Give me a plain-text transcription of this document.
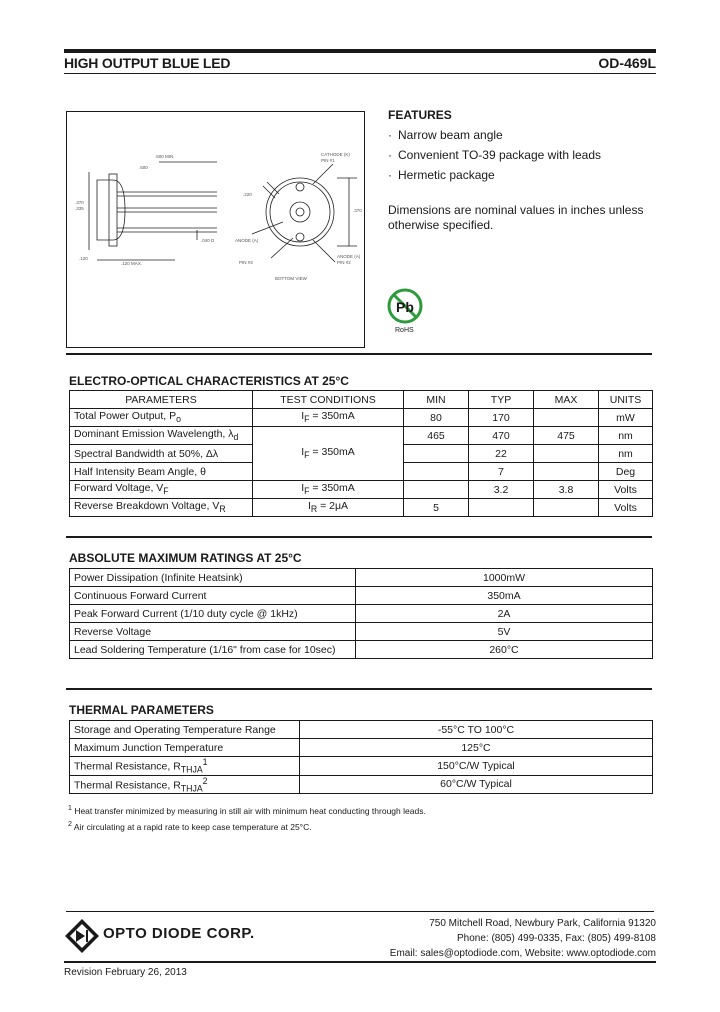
HIGH OUTPUT BLUE LED	OD-469L
.500 MIN.
.500
.370
.335
.120
.120 MAX.
.040 D
.220
CATHODE (K)
PIN #1
.370
ANODE (A)
PIN #3
ANODE (A)
PIN #2
BOTTOM VIEW
FEATURES
· Narrow beam angle
· Convenient TO-39 package with leads
· Hermetic package
Dimensions are nominal values in inches unless otherwise specified.
Pb
RoHS
ELECTRO-OPTICAL CHARACTERISTICS AT 25°C
PARAMETERS	TEST CONDITIONS	MIN	TYP	MAX	UNITS
Total Power Output, $P_o$	$I_F = 350mA$	80	170		mW
Dominant Emission Wavelength, $\lambda_d$	$I_F = 350mA$	465	470	475	nm
Spectral Bandwidth at 50%, Δλ			22		nm
Half Intensity Beam Angle, θ			7		Deg
Forward Voltage, $V_F$	$I_F = 350mA$		3.2	3.8	Volts
Reverse Breakdown Voltage, $V_R$	$I_R = 2\mu A$	5			Volts
ABSOLUTE MAXIMUM RATINGS AT 25°C
Power Dissipation (Infinite Heatsink)	1000mW
Continuous Forward Current	350mA
Peak Forward Current (1/10 duty cycle @ 1kHz)	2A
Reverse Voltage	5V
Lead Soldering Temperature (1/16" from case for 10sec)	260°C
THERMAL PARAMETERS
Storage and Operating Temperature Range	-55°C TO 100°C
Maximum Junction Temperature	125°C
Thermal Resistance, $R_{THJA}^1$	150°C/W Typical
Thermal Resistance, $R_{THJA}^2$	60°C/W Typical
$^1$ Heat transfer minimized by measuring in still air with minimum heat conducting through leads.
$^2$ Air circulating at a rapid rate to keep case temperature at 25°C.
OPTO DIODE CORP.
750 Mitchell Road, Newbury Park, California 91320
Phone: (805) 499-0335, Fax: (805) 499-8108
Email: sales@optodiode.com, Website: www.optodiode.com
Revision February 26, 2013
